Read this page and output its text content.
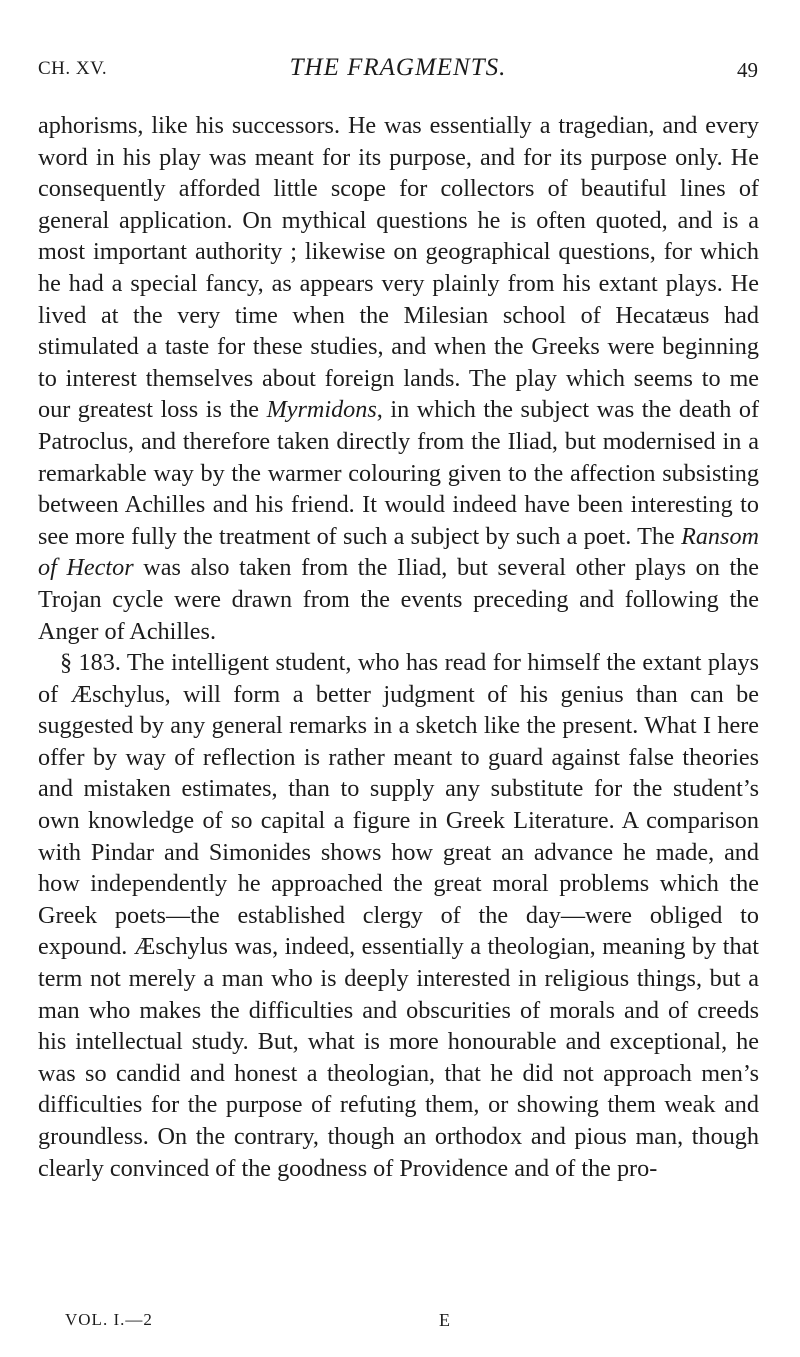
CH. XV.	THE FRAGMENTS.	49

aphorisms, like his successors. He was essentially a tragedian, and every word in his play was meant for its purpose, and for its purpose only. He consequently afforded little scope for collectors of beautiful lines of general application. On mythical questions he is often quoted, and is a most important authority ; likewise on geographical questions, for which he had a special fancy, as appears very plainly from his extant plays. He lived at the very time when the Milesian school of Hecatæus had stimulated a taste for these studies, and when the Greeks were beginning to interest themselves about foreign lands. The play which seems to me our greatest loss is the Myrmidons, in which the subject was the death of Patroclus, and therefore taken directly from the Iliad, but modernised in a remarkable way by the warmer colouring given to the affection subsisting between Achilles and his friend. It would indeed have been interesting to see more fully the treatment of such a subject by such a poet. The Ransom of Hector was also taken from the Iliad, but several other plays on the Trojan cycle were drawn from the events preceding and following the Anger of Achilles.

§ 183. The intelligent student, who has read for himself the extant plays of Æschylus, will form a better judgment of his genius than can be suggested by any general remarks in a sketch like the present. What I here offer by way of reflection is rather meant to guard against false theories and mistaken estimates, than to supply any substitute for the student’s own knowledge of so capital a figure in Greek Literature. A comparison with Pindar and Simonides shows how great an advance he made, and how independently he approached the great moral problems which the Greek poets—the established clergy of the day—were obliged to expound. Æschylus was, indeed, essentially a theologian, meaning by that term not merely a man who is deeply interested in religious things, but a man who makes the difficulties and obscurities of morals and of creeds his intellectual study. But, what is more honourable and exceptional, he was so candid and honest a theologian, that he did not approach men’s difficulties for the purpose of refuting them, or showing them weak and groundless. On the contrary, though an orthodox and pious man, though clearly convinced of the goodness of Providence and of the pro-

VOL. I.—2	E
